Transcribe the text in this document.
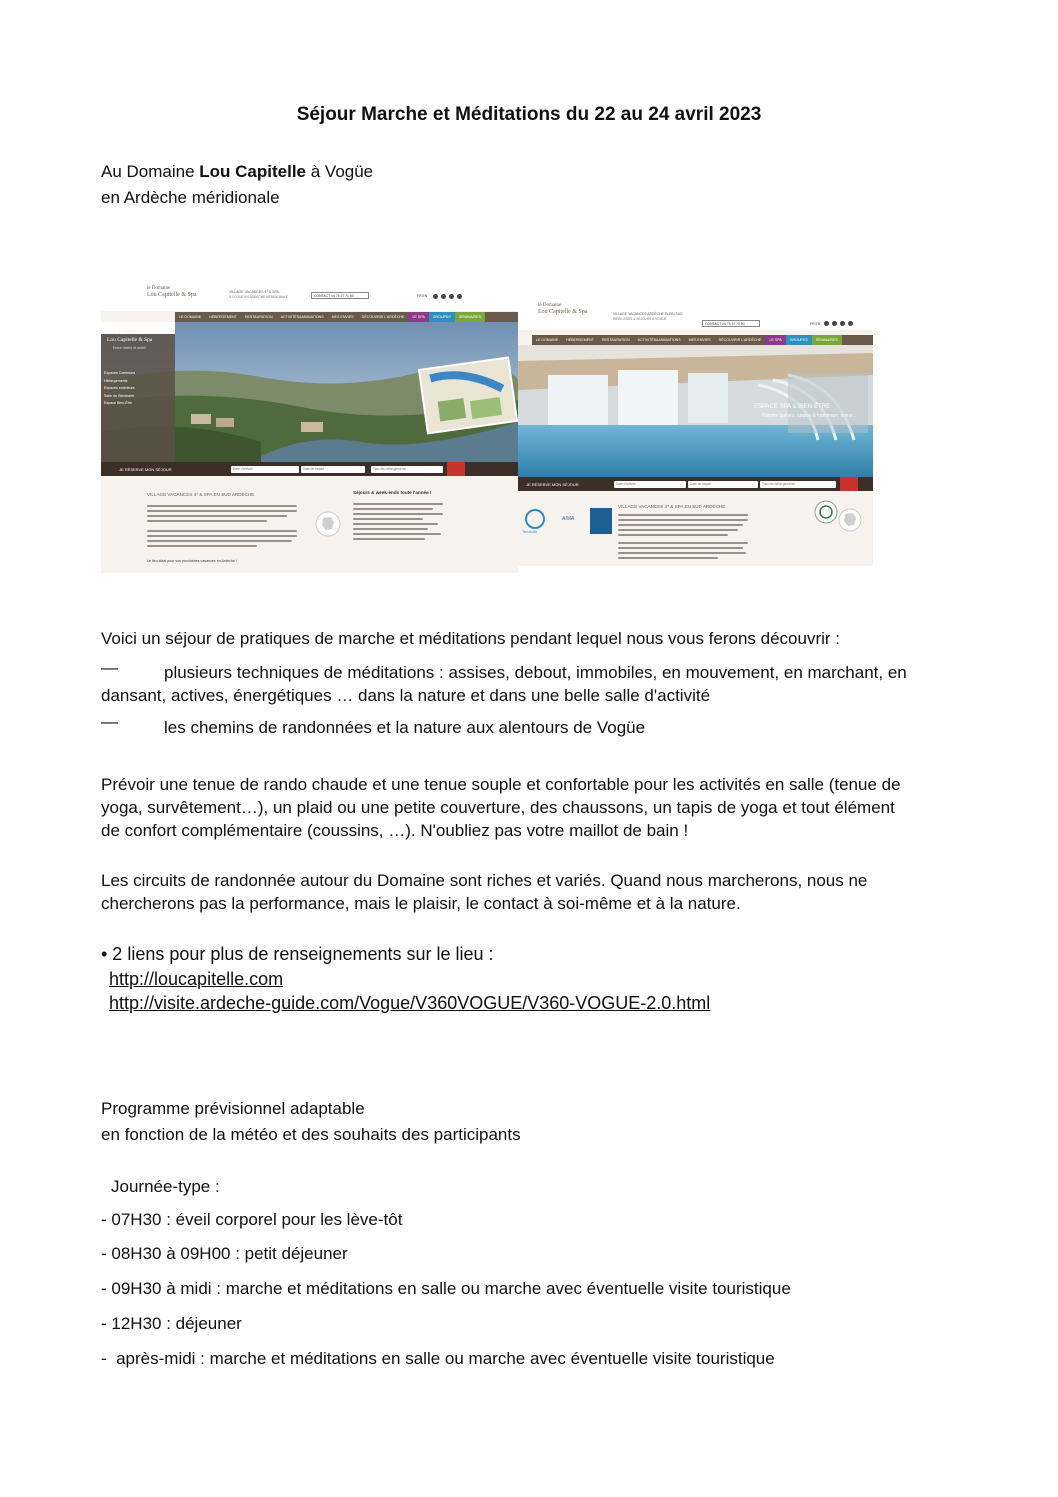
Séjour Marche et Méditations du 22 au 24 avril 2023
Au Domaine Lou Capitelle à Vogüe
en Ardèche méridionale
le Domaine
Lou Capitelle & Spa	VILLAGE VACANCES 4* & SPA
À VOGÜE EN ARDÈCHE MÉRIDIONALE	CONTACT 04 75 37 71 50	FR EN
LE DOMAINE	HÉBERGEMENT	RESTAURATION	ACTIVITÉS&ANIMATIONS	MES ENVIES	DÉCOUVRIR L'ARDÈCHE	LE SPA	GROUPES	SÉMINAIRES
le Domaine
Lou Capitelle & Spa
Entre rivière et soleil
Espaces Communs
Hébergements
Espaces extérieurs
Salle de Séminaire
Espace Bien-Être
JE RÉSERVE MON SÉJOUR	Date d'arrivée	Date de départ	Tous les hébergements
VILLAGE VACANCES 4* & SPA EN SUD ARDÈCHE	Séjours & week-ends toute l'année !
Le lieu idéal pour vos prochaines vacances en Ardèche !
le Domaine
Lou Capitelle & Spa	VILLAGE VACANCES ARDÈCHE PLEIN SUD
WEEK-ENDS & SÉJOURS À VOGÜE
CONTACT 04 75 37 71 50	FR EN
LE DOMAINE	HÉBERGEMENT	RESTAURATION	ACTIVITÉS&ANIMATIONS	MES ENVIES	DÉCOUVRIR L'ARDÈCHE	LE SPA	GROUPES	SÉMINAIRES
ESPACE SPA & BIEN-ÊTRE
Piscine balnéo, sauna & hammam, soins...
JE RÉSERVE MON SÉJOUR	Date d'arrivée	Date de départ	Tous les hébergements
VILLAGE VACANCES 4* & SPA EN SUD ARDÈCHE
TerrAdia
AIMA
Voici un séjour de pratiques de marche et méditations pendant lequel nous vous ferons découvrir :
—	plusieurs techniques de méditations : assises, debout, immobiles, en mouvement, en marchant, en
dansant, actives, énergétiques … dans la nature et dans une belle salle d'activité
—	les chemins de randonnées et la nature aux alentours de Vogüe
Prévoir une tenue de rando chaude et une tenue souple et confortable pour les activités en salle (tenue de
yoga, survêtement…), un plaid ou une petite couverture, des chaussons, un tapis de yoga et tout élément
de confort complémentaire (coussins, …). N'oubliez pas votre maillot de bain !
Les circuits de randonnée autour du Domaine sont riches et variés. Quand nous marcherons, nous ne
chercherons pas la performance, mais le plaisir, le contact à soi-même et à la nature.
• 2 liens pour plus de renseignements sur le lieu :
http://loucapitelle.com
http://visite.ardeche-guide.com/Vogue/V360VOGUE/V360-VOGUE-2.0.html
Programme prévisionnel adaptable
en fonction de la météo et des souhaits des participants
Journée-type :
- 07H30 : éveil corporel pour les lève-tôt
- 08H30 à 09H00 : petit déjeuner
- 09H30 à midi : marche et méditations en salle ou marche avec éventuelle visite touristique
- 12H30 : déjeuner
-  après-midi : marche et méditations en salle ou marche avec éventuelle visite touristique
